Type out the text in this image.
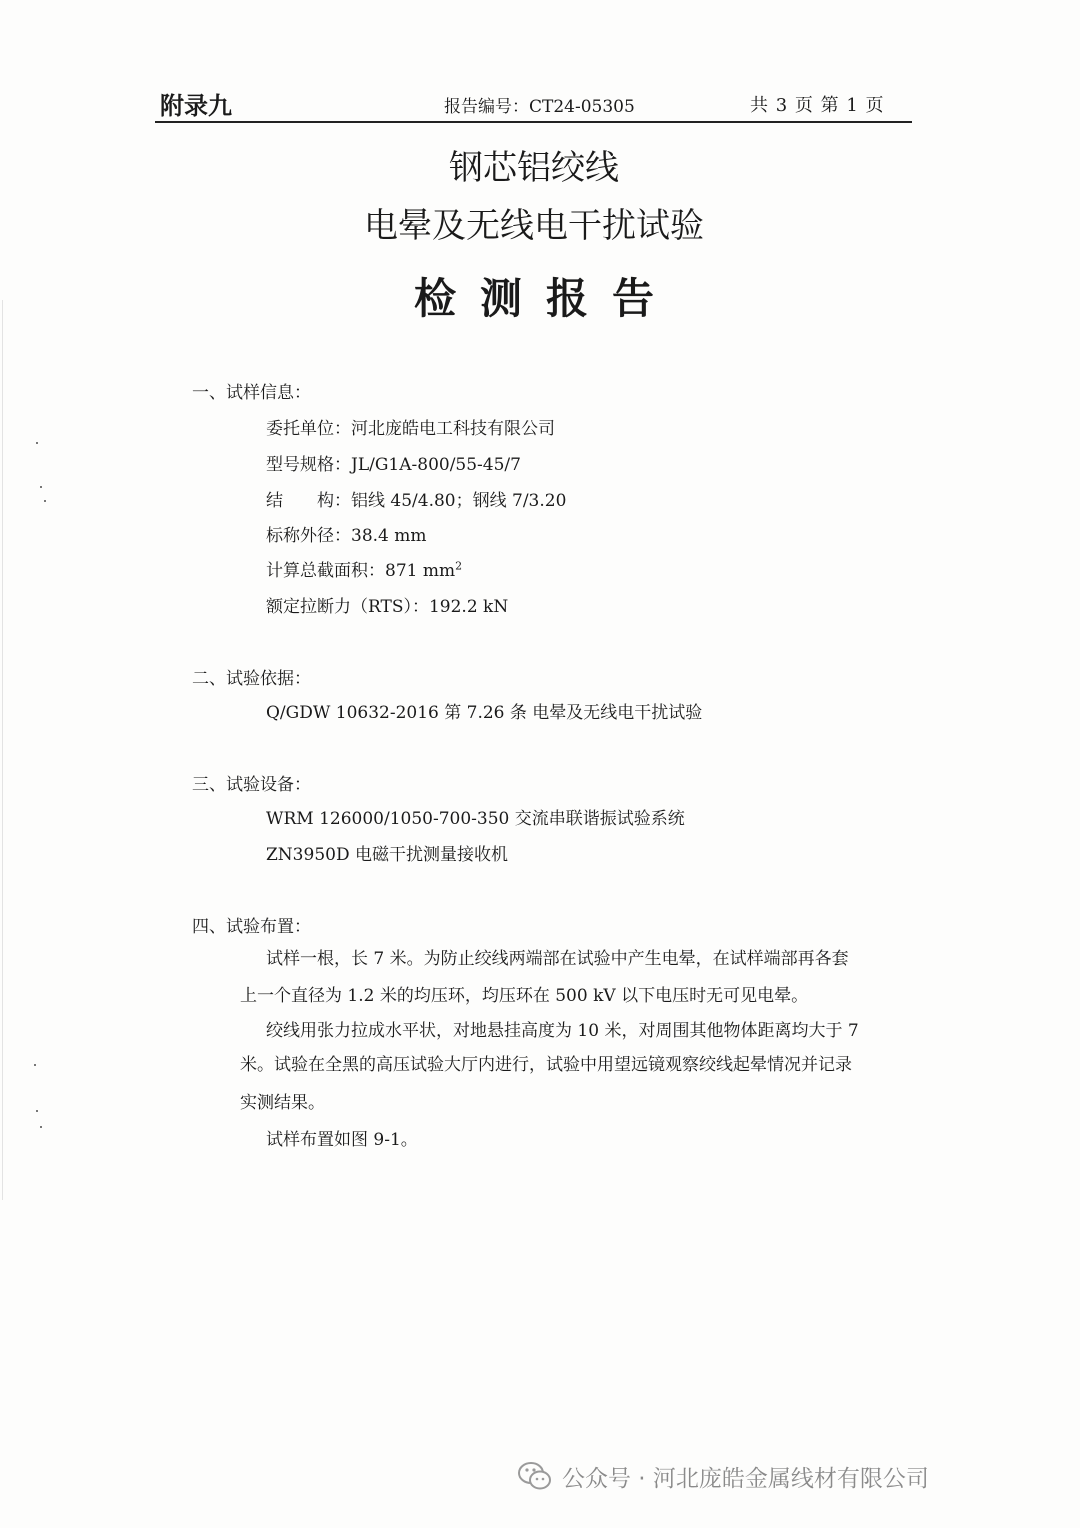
附录九	报告编号：CT24-05305	共 3 页 第 1 页
钢芯铝绞线
电晕及无线电干扰试验
检测报告
一、试样信息：
委托单位：河北庞皓电工科技有限公司
型号规格：JL/G1A-800/55-45/7
结　　构：铝线 45/4.80；钢线 7/3.20
标称外径：38.4 mm
计算总截面积：871 $mm^2$
额定拉断力（RTS）：192.2 kN
二、试验依据：
Q/GDW 10632-2016 第 7.26 条 电晕及无线电干扰试验
三、试验设备：
WRM 126000/1050-700-350 交流串联谐振试验系统
ZN3950D 电磁干扰测量接收机
四、试验布置：
试样一根，长 7 米。为防止绞线两端部在试验中产生电晕，在试样端部再各套
上一个直径为 1.2 米的均压环，均压环在 500 kV 以下电压时无可见电晕。
绞线用张力拉成水平状，对地悬挂高度为 10 米，对周围其他物体距离均大于 7
米。试验在全黑的高压试验大厅内进行，试验中用望远镜观察绞线起晕情况并记录
实测结果。
试样布置如图 9-1。
公众号 · 河北庞皓金属线材有限公司
